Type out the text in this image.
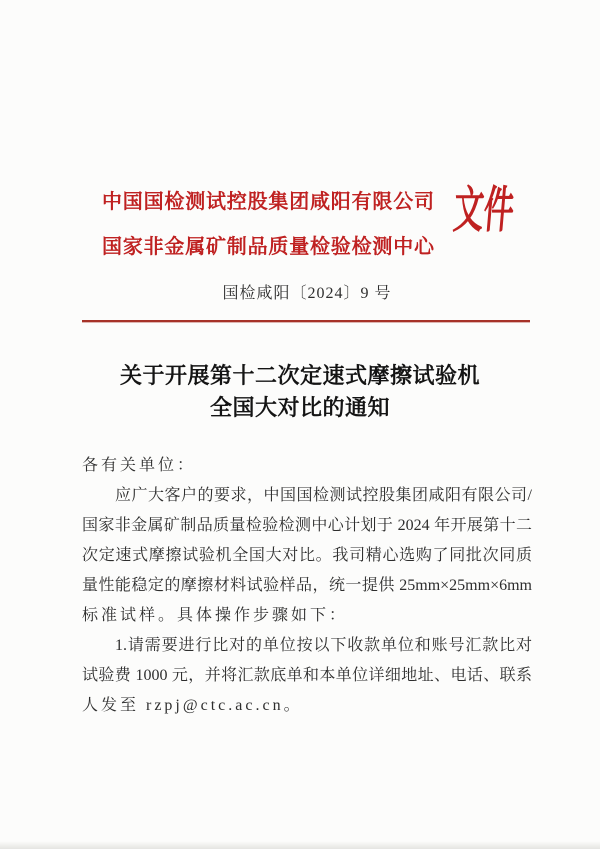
中国国检测试控股集团咸阳有限公司
国家非金属矿制品质量检验检测中心
文件
国检咸阳〔2024〕9 号
关于开展第十二次定速式摩擦试验机
全国大对比的通知
各有关单位：
应广大客户的要求，中国国检测试控股集团咸阳有限公司/
国家非金属矿制品质量检验检测中心计划于 2024 年开展第十二
次定速式摩擦试验机全国大对比。我司精心选购了同批次同质
量性能稳定的摩擦材料试验样品，统一提供 25mm×25mm×6mm
标准试样。具体操作步骤如下：
1.请需要进行比对的单位按以下收款单位和账号汇款比对
试验费 1000 元，并将汇款底单和本单位详细地址、电话、联系
人发至 rzpj@ctc.ac.cn。
